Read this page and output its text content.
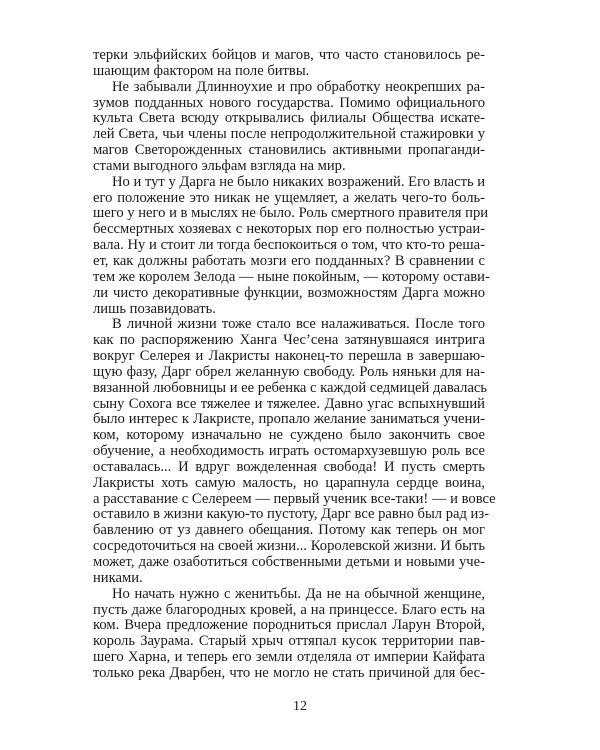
терки эльфийских бойцов и магов, что часто становилось ре-
шающим фактором на поле битвы.
Не забывали Длинноухие и про обработку неокрепших ра-
зумов подданных нового государства. Помимо официального
культа Света всюду открывались филиалы Общества искате-
лей Света, чьи члены после непродолжительной стажировки у
магов Светорожденных становились активными пропаганди-
стами выгодного эльфам взгляда на мир.
Но и тут у Дарга не было никаких возражений. Его власть и
его положение это никак не ущемляет, а желать чего-то боль-
шего у него и в мыслях не было. Роль смертного правителя при
бессмертных хозяевах с некоторых пор его полностью устраи-
вала. Ну и стоит ли тогда беспокоиться о том, что кто-то реша-
ет, как должны работать мозги его подданных? В сравнении с
тем же королем Зелода — ныне покойным, — которому остави-
ли чисто декоративные функции, возможностям Дарга можно
лишь позавидовать.
В личной жизни тоже стало все налаживаться. После того
как по распоряжению Ханга Чес’сена затянувшаяся интрига
вокруг Селерея и Лакристы наконец-то перешла в завершаю-
щую фазу, Дарг обрел желанную свободу. Роль няньки для на-
вязанной любовницы и ее ребенка с каждой седмицей давалась
сыну Сохога все тяжелее и тяжелее. Давно угас вспыхнувший
было интерес к Лакристе, пропало желание заниматься учени-
ком, которому изначально не суждено было закончить свое
обучение, а необходимость играть остомархузевшую роль все
оставалась... И вдруг вожделенная свобода! И пусть смерть
Лакристы хоть самую малость, но царапнула сердце воина,
а расставание с Селереем — первый ученик все-таки! — и вовсе
оставило в жизни какую-то пустоту, Дарг все равно был рад из-
бавлению от уз давнего обещания. Потому как теперь он мог
сосредоточиться на своей жизни... Королевской жизни. И быть
может, даже озаботиться собственными детьми и новыми уче-
никами.
Но начать нужно с женитьбы. Да не на обычной женщине,
пусть даже благородных кровей, а на принцессе. Благо есть на
ком. Вчера предложение породниться прислал Ларун Второй,
король Заурама. Старый хрыч оттяпал кусок территории пав-
шего Харна, и теперь его земли отделяла от империи Кайфата
только река Дварбен, что не могло не стать причиной для бес-
12
